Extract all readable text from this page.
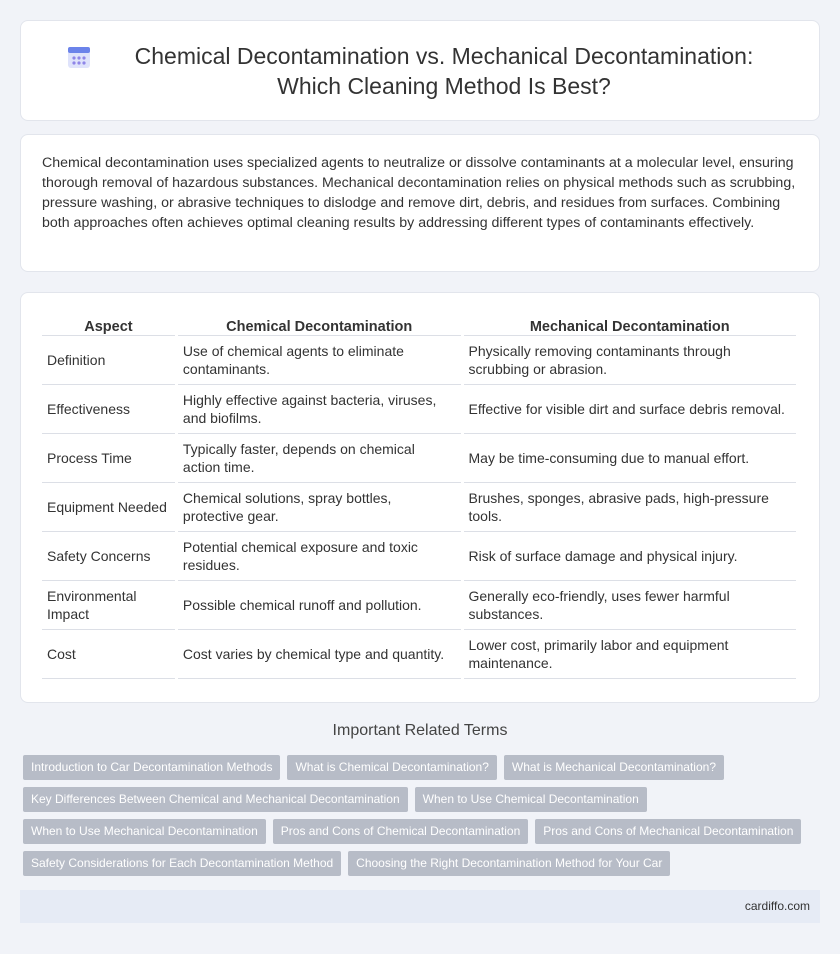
Chemical Decontamination vs. Mechanical Decontamination: Which Cleaning Method Is Best?

Chemical decontamination uses specialized agents to neutralize or dissolve contaminants at a molecular level, ensuring thorough removal of hazardous substances. Mechanical decontamination relies on physical methods such as scrubbing, pressure washing, or abrasive techniques to dislodge and remove dirt, debris, and residues from surfaces. Combining both approaches often achieves optimal cleaning results by addressing different types of contaminants effectively.

Aspect	Chemical Decontamination	Mechanical Decontamination
Definition	Use of chemical agents to eliminate contaminants.	Physically removing contaminants through scrubbing or abrasion.
Effectiveness	Highly effective against bacteria, viruses, and biofilms.	Effective for visible dirt and surface debris removal.
Process Time	Typically faster, depends on chemical action time.	May be time-consuming due to manual effort.
Equipment Needed	Chemical solutions, spray bottles, protective gear.	Brushes, sponges, abrasive pads, high-pressure tools.
Safety Concerns	Potential chemical exposure and toxic residues.	Risk of surface damage and physical injury.
Environmental Impact	Possible chemical runoff and pollution.	Generally eco-friendly, uses fewer harmful substances.
Cost	Cost varies by chemical type and quantity.	Lower cost, primarily labor and equipment maintenance.
Important Related Terms
Introduction to Car Decontamination Methods	What is Chemical Decontamination?	What is Mechanical Decontamination?
Key Differences Between Chemical and Mechanical Decontamination	When to Use Chemical Decontamination
When to Use Mechanical Decontamination	Pros and Cons of Chemical Decontamination	Pros and Cons of Mechanical Decontamination
Safety Considerations for Each Decontamination Method	Choosing the Right Decontamination Method for Your Car
cardiffo.com
